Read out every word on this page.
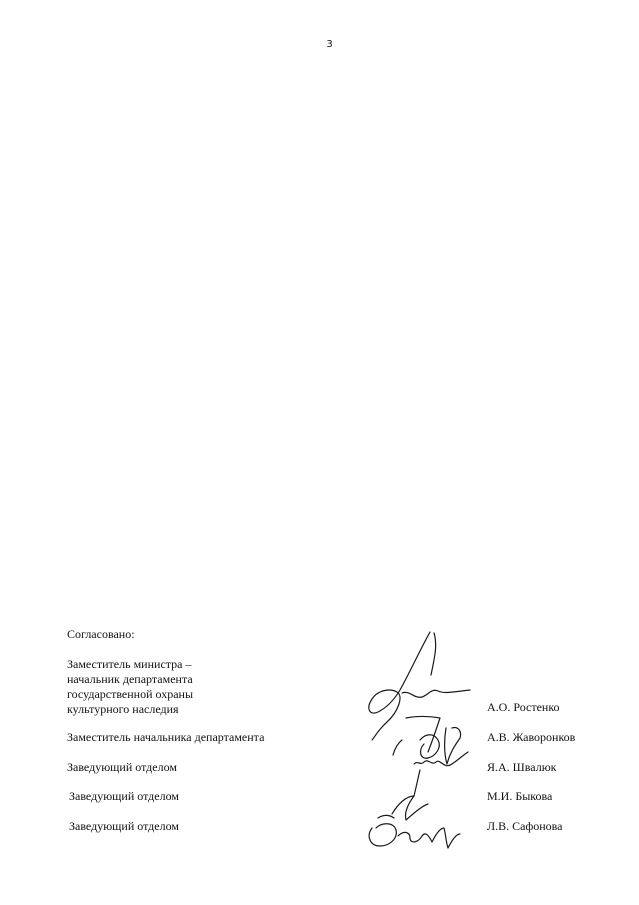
3
Согласовано:
Заместитель министра –
начальник департамента
государственной охраны
культурного наследия	А.О. Ростенко
Заместитель начальника департамента	А.В. Жаворонков
Заведующий отделом	Я.А. Швалюк
Заведующий отделом	М.И. Быкова
Заведующий отделом	Л.В. Сафонова
